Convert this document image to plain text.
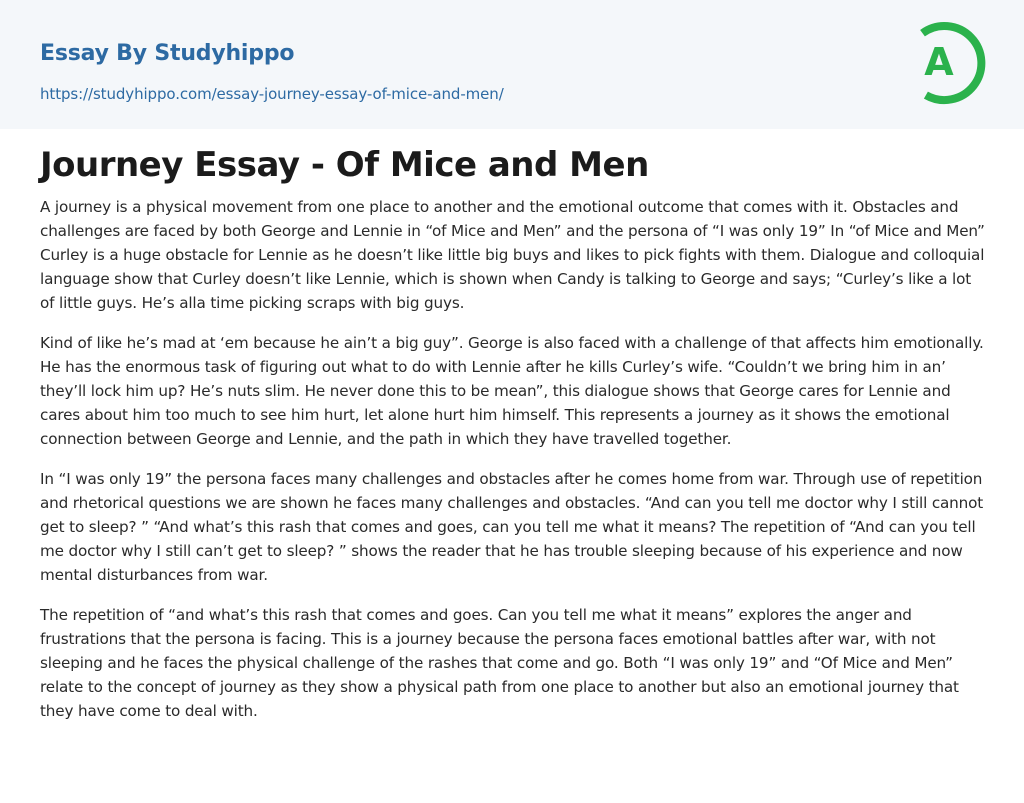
Essay By Studyhippo
https://studyhippo.com/essay-journey-essay-of-mice-and-men/
A
Journey Essay - Of Mice and Men

A journey is a physical movement from one place to another and the emotional outcome that comes with it. Obstacles and challenges are faced by both George and Lennie in “of Mice and Men” and the persona of “I was only 19” In “of Mice and Men” Curley is a huge obstacle for Lennie as he doesn’t like little big buys and likes to pick fights with them. Dialogue and colloquial language show that Curley doesn’t like Lennie, which is shown when Candy is talking to George and says; “Curley’s like a lot of little guys. He’s alla time picking scraps with big guys.

Kind of like he’s mad at ‘em because he ain’t a big guy”. George is also faced with a challenge of that affects him emotionally. He has the enormous task of figuring out what to do with Lennie after he kills Curley’s wife. “Couldn’t we bring him in an’ they’ll lock him up? He’s nuts slim. He never done this to be mean”, this dialogue shows that George cares for Lennie and cares about him too much to see him hurt, let alone hurt him himself. This represents a journey as it shows the emotional connection between George and Lennie, and the path in which they have travelled together.

In “I was only 19” the persona faces many challenges and obstacles after he comes home from war. Through use of repetition and rhetorical questions we are shown he faces many challenges and obstacles. “And can you tell me doctor why I still cannot get to sleep? ” “And what’s this rash that comes and goes, can you tell me what it means? The repetition of “And can you tell me doctor why I still can’t get to sleep? ” shows the reader that he has trouble sleeping because of his experience and now mental disturbances from war.

The repetition of “and what’s this rash that comes and goes. Can you tell me what it means” explores the anger and frustrations that the persona is facing. This is a journey because the persona faces emotional battles after war, with not sleeping and he faces the physical challenge of the rashes that come and go. Both “I was only 19” and “Of Mice and Men” relate to the concept of journey as they show a physical path from one place to another but also an emotional journey that they have come to deal with.
